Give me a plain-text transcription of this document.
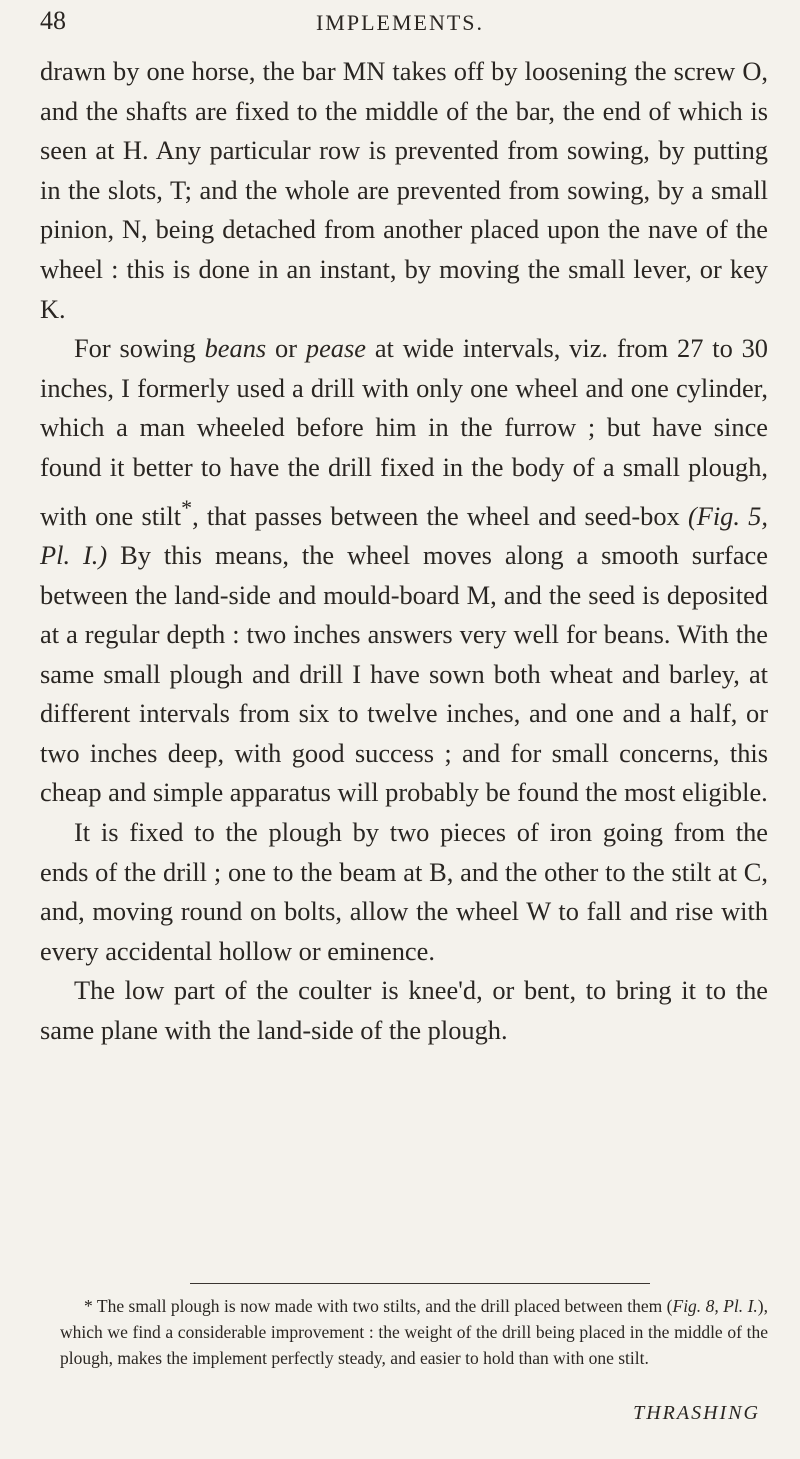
48	IMPLEMENTS.

drawn by one horse, the bar MN takes off by loosening the screw O, and the shafts are fixed to the middle of the bar, the end of which is seen at H. Any particular row is prevented from sowing, by putting in the slots, T; and the whole are prevented from sowing, by a small pinion, N, being detached from another placed upon the nave of the wheel : this is done in an instant, by moving the small lever, or key K.

For sowing beans or pease at wide intervals, viz. from 27 to 30 inches, I formerly used a drill with only one wheel and one cylinder, which a man wheeled before him in the furrow ; but have since found it better to have the drill fixed in the body of a small plough, with one stilt*, that passes between the wheel and seed-box (Fig. 5, Pl. I.) By this means, the wheel moves along a smooth surface between the land-side and mould-board M, and the seed is deposited at a regular depth : two inches answers very well for beans. With the same small plough and drill I have sown both wheat and barley, at different intervals from six to twelve inches, and one and a half, or two inches deep, with good success ; and for small concerns, this cheap and simple apparatus will probably be found the most eligible.

It is fixed to the plough by two pieces of iron going from the ends of the drill ; one to the beam at B, and the other to the stilt at C, and, moving round on bolts, allow the wheel W to fall and rise with every accidental hollow or eminence.

The low part of the coulter is knee'd, or bent, to bring it to the same plane with the land-side of the plough.

* The small plough is now made with two stilts, and the drill placed between them (Fig. 8, Pl. I.), which we find a considerable improvement : the weight of the drill being placed in the middle of the plough, makes the implement perfectly steady, and easier to hold than with one stilt.

THRASHING
